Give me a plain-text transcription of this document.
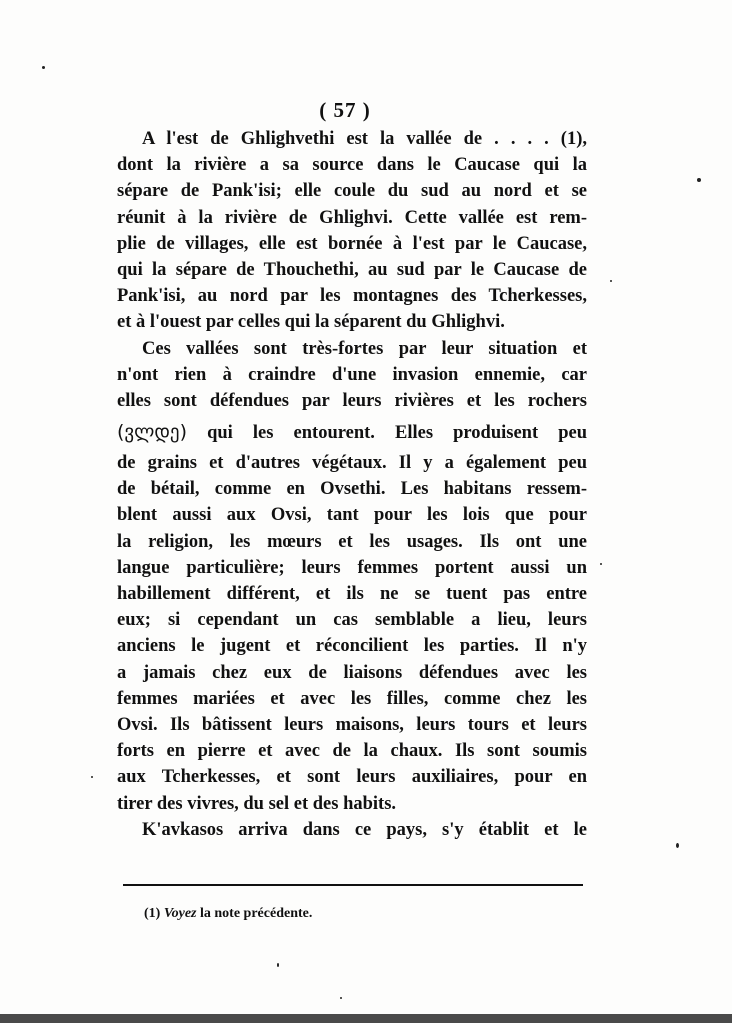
( 57 )
A l'est de Ghlighvethi est la vallée de . . . . (1),
dont la rivière a sa source dans le Caucase qui la
sépare de Pank'isi; elle coule du sud au nord et se
réunit à la rivière de Ghlighvi. Cette vallée est rem-
plie de villages, elle est bornée à l'est par le Caucase,
qui la sépare de Thouchethi, au sud par le Caucase de
Pank'isi, au nord par les montagnes des Tcherkesses,
et à l'ouest par celles qui la séparent du Ghlighvi.
Ces vallées sont très-fortes par leur situation et
n'ont rien à craindre d'une invasion ennemie, car
elles sont défendues par leurs rivières et les rochers
(ვლდე) qui les entourent. Elles produisent peu
de grains et d'autres végétaux. Il y a également peu
de bétail, comme en Ovsethi. Les habitans ressem-
blent aussi aux Ovsi, tant pour les lois que pour
la religion, les mœurs et les usages. Ils ont une
langue particulière; leurs femmes portent aussi un
habillement différent, et ils ne se tuent pas entre
eux; si cependant un cas semblable a lieu, leurs
anciens le jugent et réconcilient les parties. Il n'y
a jamais chez eux de liaisons défendues avec les
femmes mariées et avec les filles, comme chez les
Ovsi. Ils bâtissent leurs maisons, leurs tours et leurs
forts en pierre et avec de la chaux. Ils sont soumis
aux Tcherkesses, et sont leurs auxiliaires, pour en
tirer des vivres, du sel et des habits.
K'avkasos arriva dans ce pays, s'y établit et le
(1) Voyez la note précédente.
